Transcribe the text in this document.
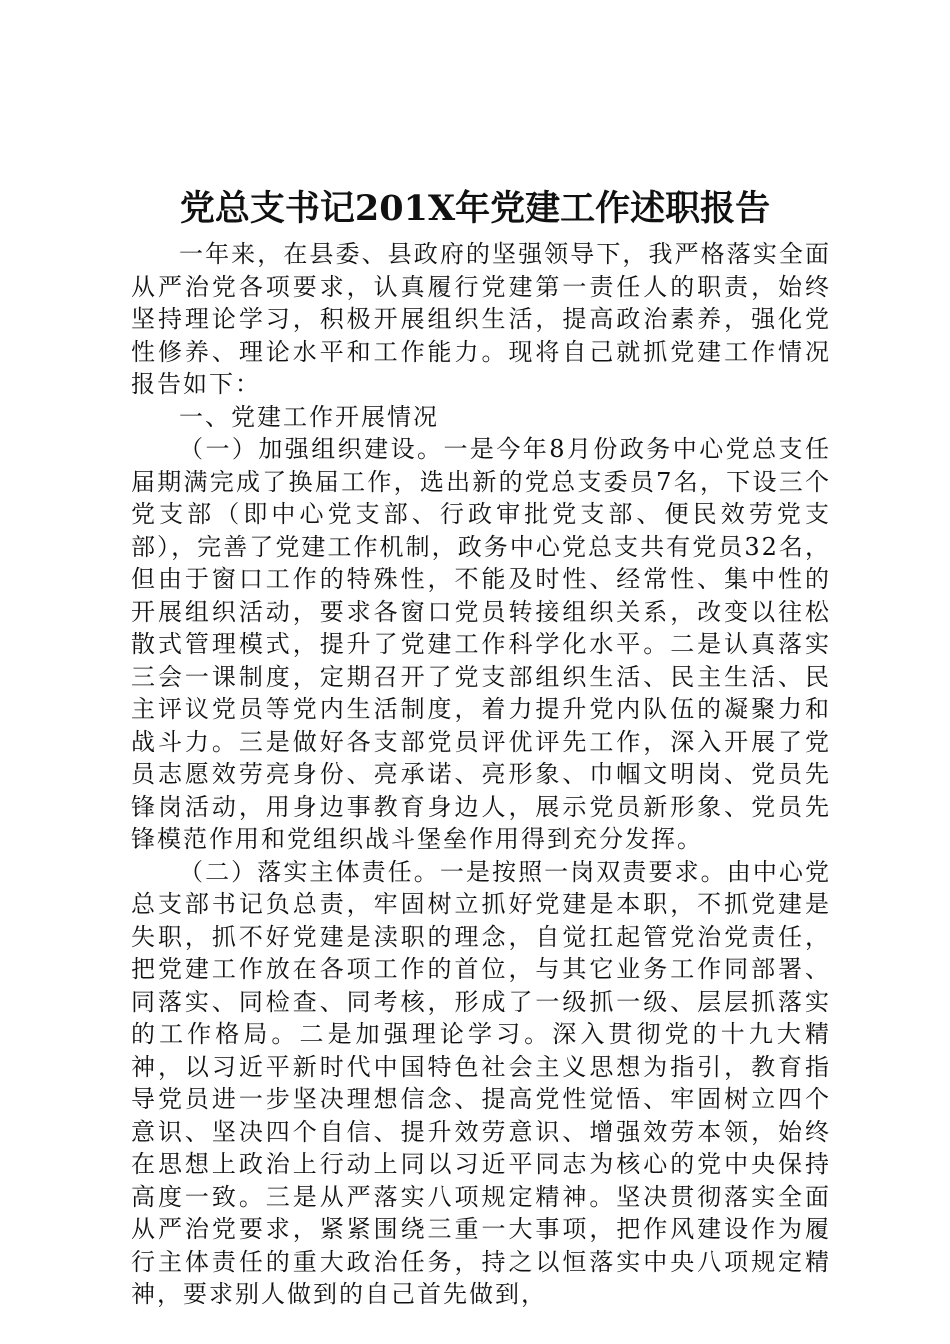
党总支书记201X年党建工作述职报告

一年来，在县委、县政府的坚强领导下，我严格落实全面从严治党各项要求，认真履行党建第一责任人的职责，始终坚持理论学习，积极开展组织生活，提高政治素养，强化党性修养、理论水平和工作能力。现将自己就抓党建工作情况报告如下：

一、党建工作开展情况

（一）加强组织建设。一是今年8月份政务中心党总支任届期满完成了换届工作，选出新的党总支委员7名，下设三个党支部（即中心党支部、行政审批党支部、便民效劳党支部），完善了党建工作机制，政务中心党总支共有党员32名，但由于窗口工作的特殊性，不能及时性、经常性、集中性的开展组织活动，要求各窗口党员转接组织关系，改变以往松散式管理模式，提升了党建工作科学化水平。二是认真落实三会一课制度，定期召开了党支部组织生活、民主生活、民主评议党员等党内生活制度，着力提升党内队伍的凝聚力和战斗力。三是做好各支部党员评优评先工作，深入开展了党员志愿效劳亮身份、亮承诺、亮形象、巾帼文明岗、党员先锋岗活动，用身边事教育身边人，展示党员新形象、党员先锋模范作用和党组织战斗堡垒作用得到充分发挥。

（二）落实主体责任。一是按照一岗双责要求。由中心党总支部书记负总责，牢固树立抓好党建是本职，不抓党建是失职，抓不好党建是渎职的理念，自觉扛起管党治党责任，把党建工作放在各项工作的首位，与其它业务工作同部署、同落实、同检查、同考核，形成了一级抓一级、层层抓落实的工作格局。二是加强理论学习。深入贯彻党的十九大精神，以习近平新时代中国特色社会主义思想为指引，教育指导党员进一步坚决理想信念、提高党性觉悟、牢固树立四个意识、坚决四个自信、提升效劳意识、增强效劳本领，始终在思想上政治上行动上同以习近平同志为核心的党中央保持高度一致。三是从严落实八项规定精神。坚决贯彻落实全面从严治党要求，紧紧围绕三重一大事项，把作风建设作为履行主体责任的重大政治任务，持之以恒落实中央八项规定精神，要求别人做到的自己首先做到，
